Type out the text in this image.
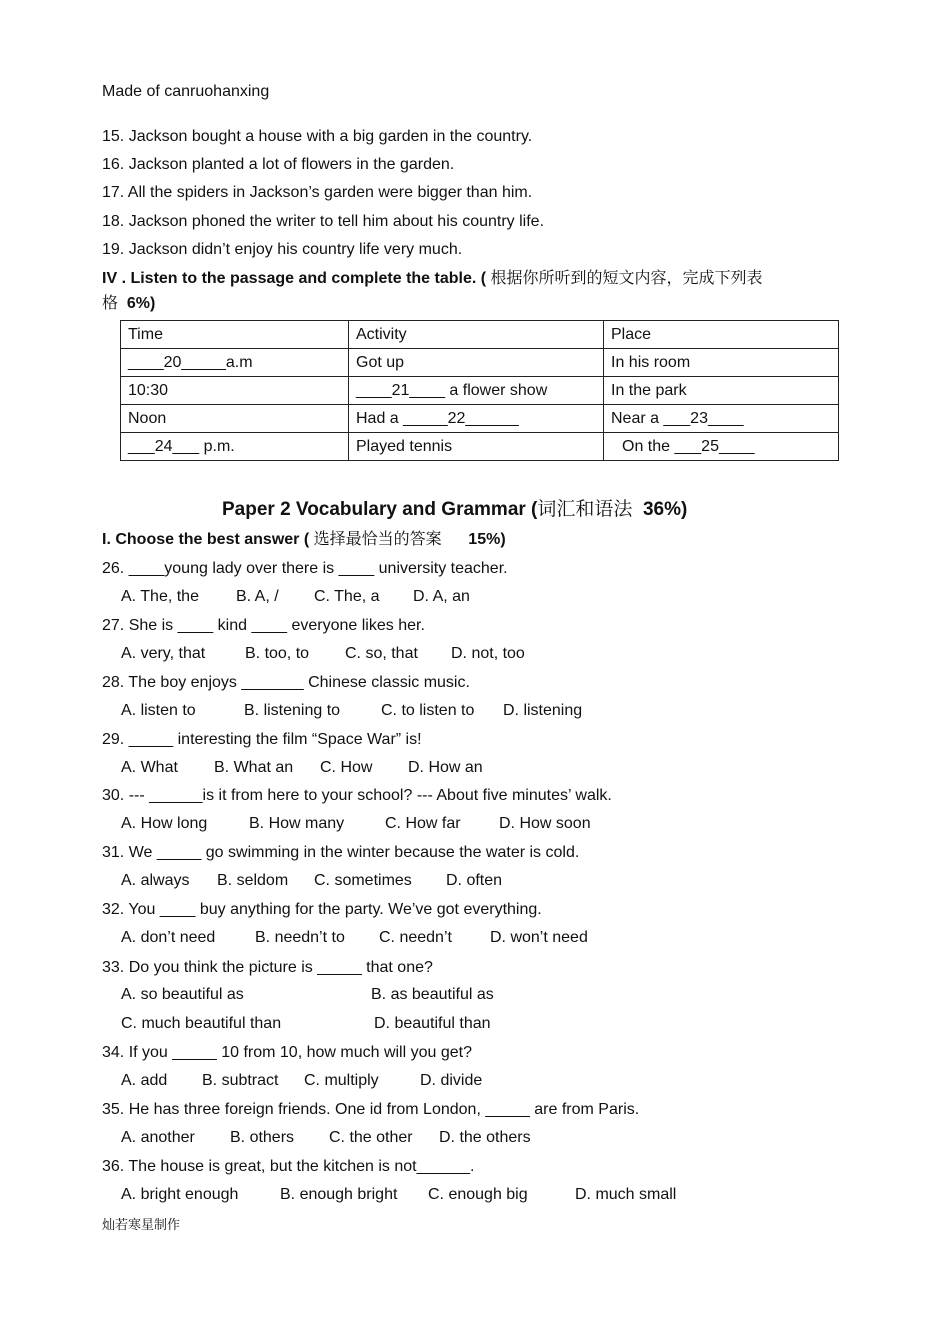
Made of canruohanxing
15. Jackson bought a house with a big garden in the country.
16. Jackson planted a lot of flowers in the garden.
17. All the spiders in Jackson’s garden were bigger than him.
18. Jackson phoned the writer to tell him about his country life.
19. Jackson didn’t enjoy his country life very much.
IV . Listen to the passage and complete the table. ( 根据你所听到的短文内容，完成下列表
格 6%)
Time	Activity	Place
____20_____a.m	Got up	In his room
10:30	____21____ a flower show	In the park
Noon	Had a _____22______	Near a ___23____
___24___ p.m.	Played tennis	On the ___25____
Paper 2 Vocabulary and Grammar (词汇和语法 36%)
I. Choose the best answer ( 选择最恰当的答案 15%)
灿若寒星制作
26. ____young lady over there is ____ university teacher.
A. The, the B. A, / C. The, a D. A, an
27. She is ____ kind ____ everyone likes her.
A. very, that B. too, to C. so, that D. not, too
28. The boy enjoys _______ Chinese classic music.
A. listen to	B. listening to	C. to listen to D. listening
29. _____ interesting the film “Space War” is!
A. What B. What an C. How D. How an
30. --- ______is it from here to your school? --- About five minutes’ walk.
A. How long	B. How many	C. How far D. How soon
31. We _____ go swimming in the winter because the water is cold.
A. always B. seldom C. sometimes D. often
32. You ____ buy anything for the party. We’ve got everything.
A. don’t need B. needn’t to C. needn’t D. won’t need
33. Do you think the picture is _____ that one?
A. so beautiful as	B. as beautiful as
C. much beautiful than	D. beautiful than
34. If you _____ 10 from 10, how much will you get?
A. add B. subtract C. multiply	D. divide
35. He has three foreign friends. One id from London, _____ are from Paris.
A. another B. others C. the other D. the others
36. The house is great, but the kitchen is not______.
A. bright enough	B. enough bright C. enough big	D. much small
